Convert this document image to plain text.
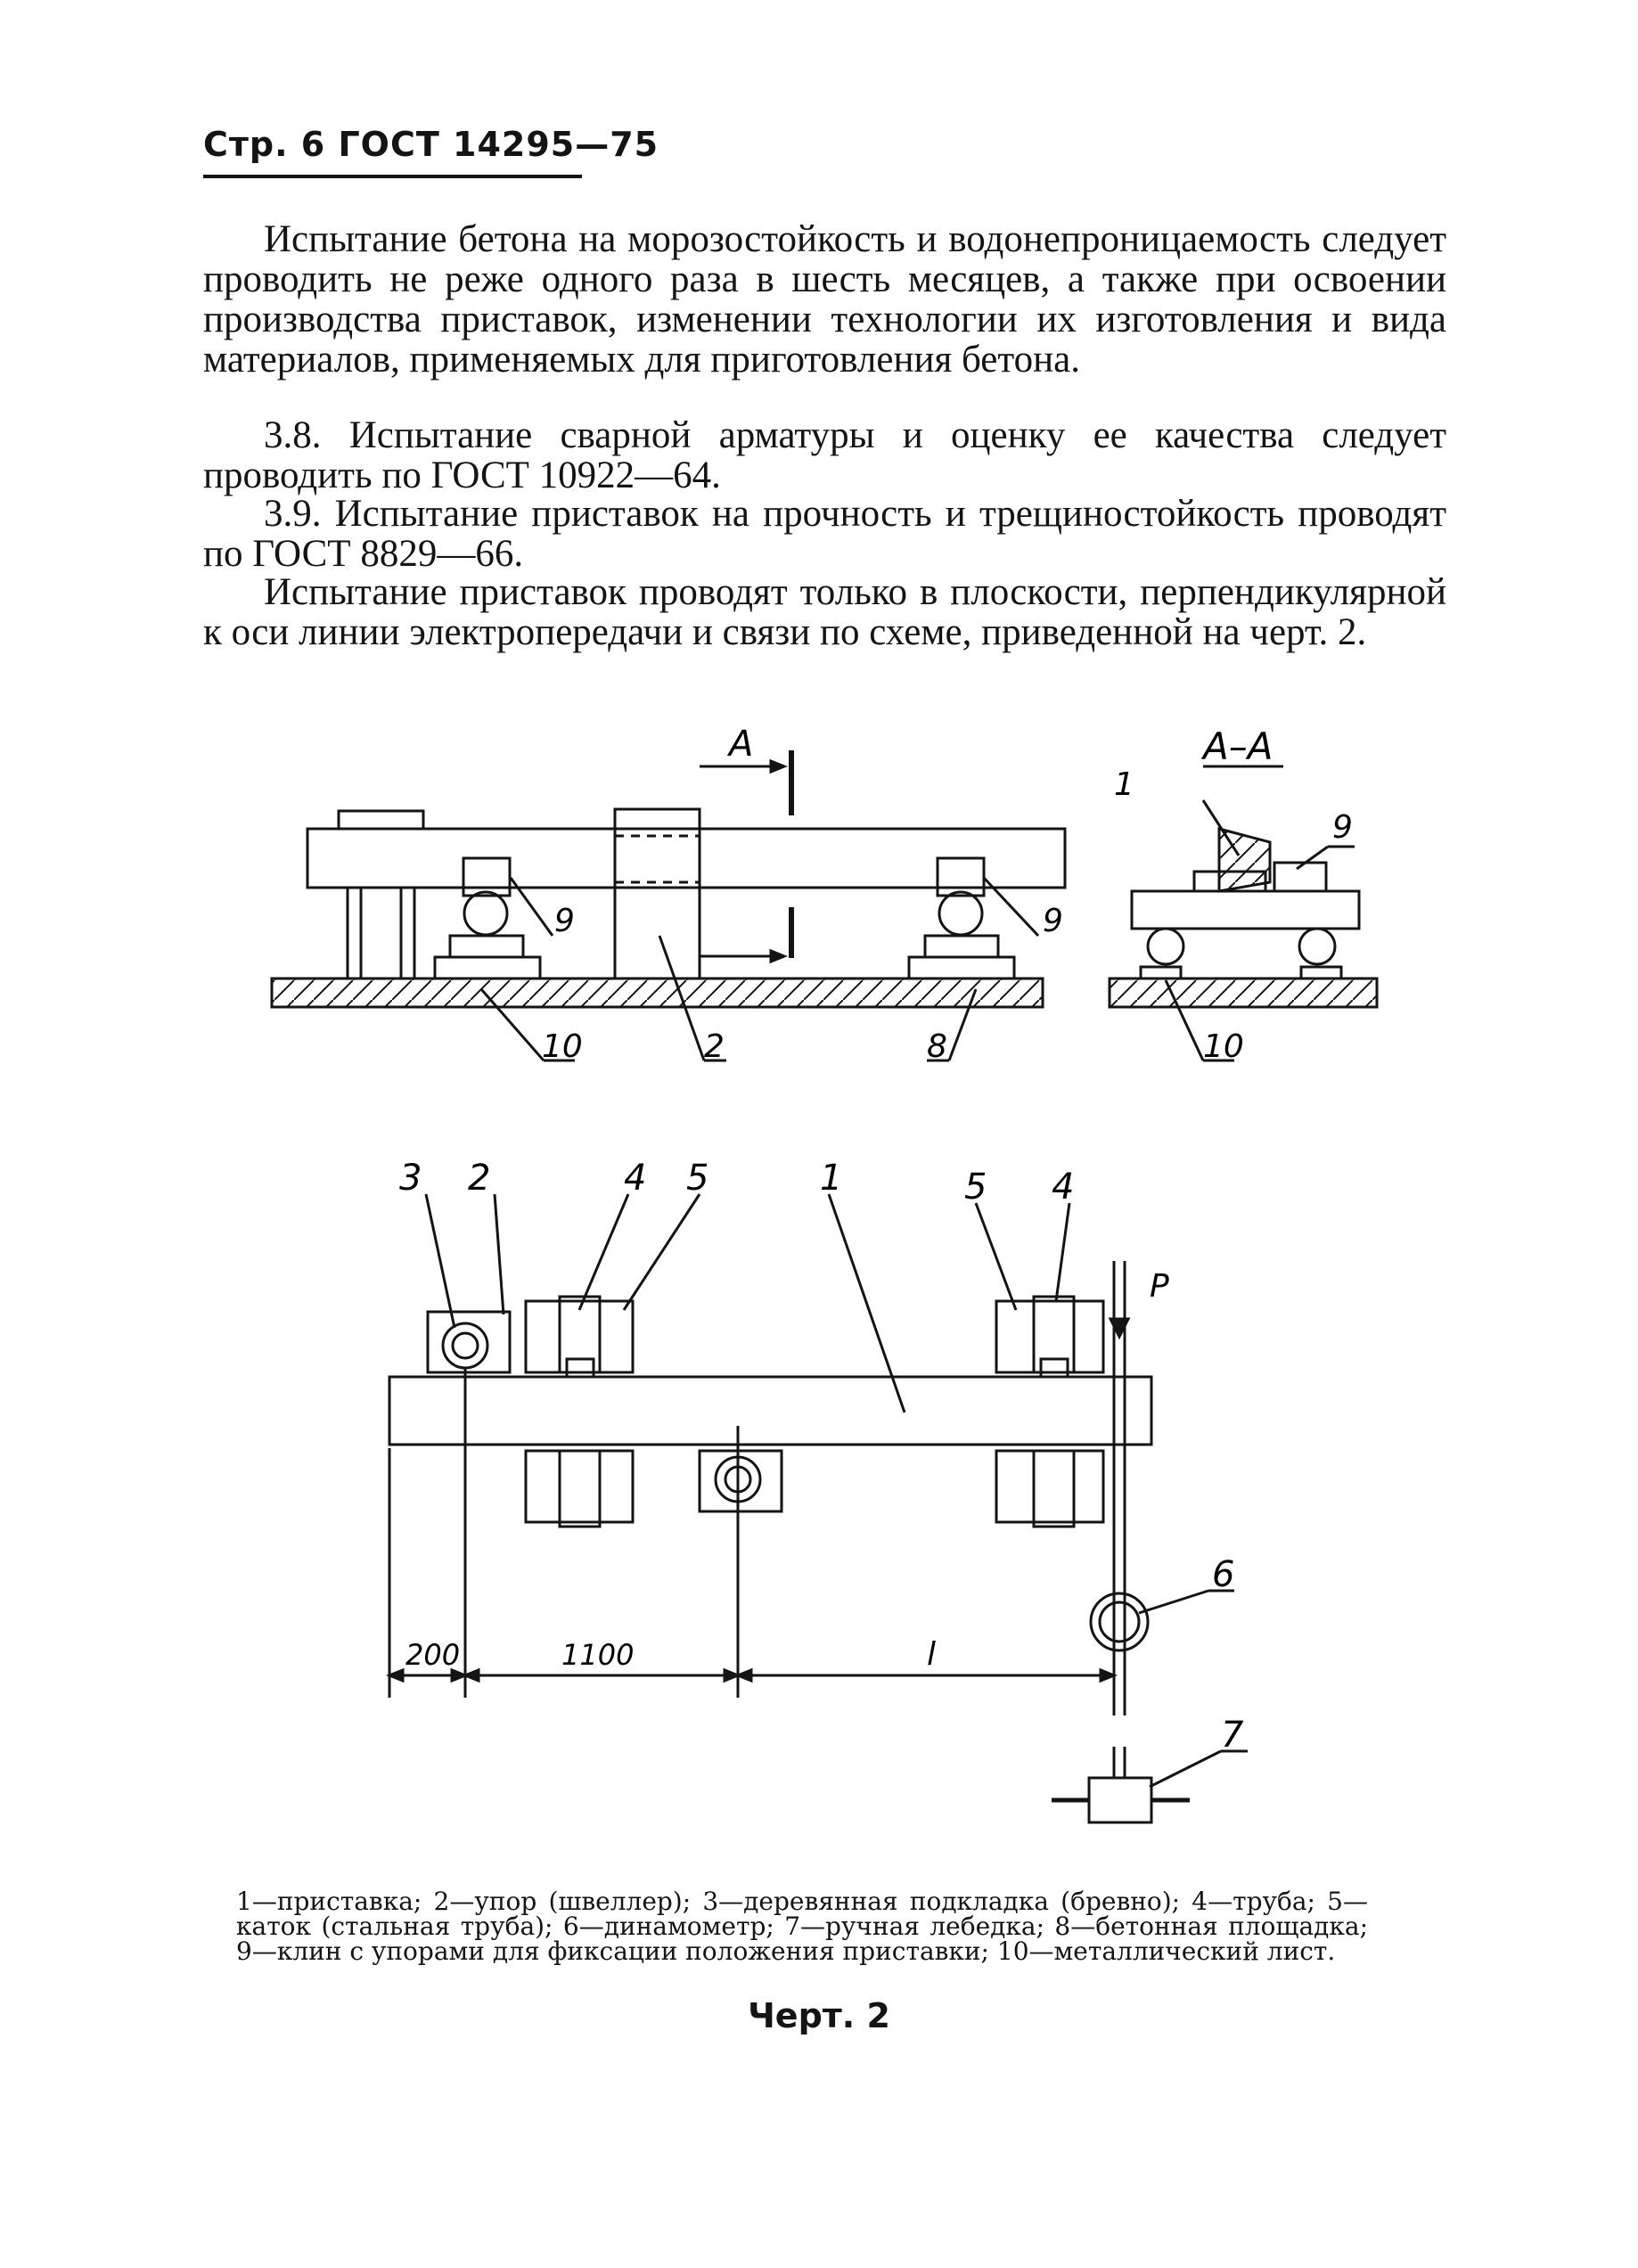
Стр. 6 ГОСТ 14295—75
Испытание бетона на морозостойкость и водонепроницаемость следует проводить не реже одного раза в шесть месяцев, а также при освоении производства приставок, изменении технологии их изготовления и вида материалов, применяемых для приготовления бетона.
3.8. Испытание сварной арматуры и оценку ее качества следует проводить по ГОСТ 10922—64.
3.9. Испытание приставок на прочность и трещиностойкость проводят по ГОСТ 8829—66.
Испытание приставок проводят только в плоскости, перпендикулярной к оси линии электропередачи и связи по схеме, приведенной на черт. 2.
А	А–А
1
9
9	9
2	8
10	10
3 2	4 5	1	5 4
P
6
7
200	1100	l
1—приставка; 2—упор (швеллер); 3—деревянная подкладка (бревно); 4—труба; 5—каток (стальная труба); 6—динамометр; 7—ручная лебедка; 8—бетонная площадка; 9—клин с упорами для фиксации положения приставки; 10—металлический лист.
Черт. 2
